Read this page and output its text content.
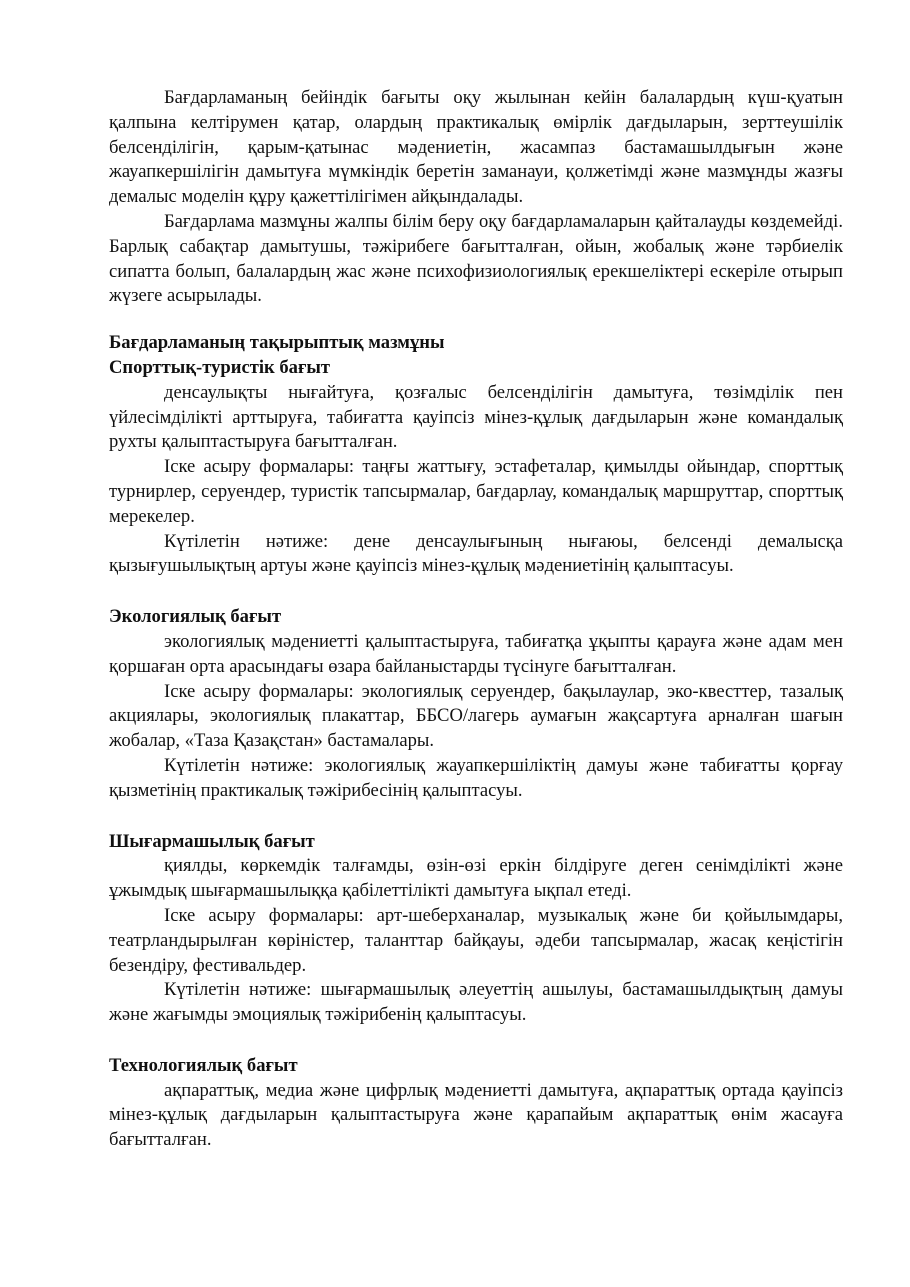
Бағдарламаның бейіндік бағыты оқу жылынан кейін балалардың күш-қуатын қалпына келтірумен қатар, олардың практикалық өмірлік дағдыларын, зерттеушілік белсенділігін, қарым-қатынас мәдениетін, жасампаз бастамашылдығын және жауапкершілігін дамытуға мүмкіндік беретін заманауи, қолжетімді және мазмұнды жазғы демалыс моделін құру қажеттілігімен айқындалады.

Бағдарлама мазмұны жалпы білім беру оқу бағдарламаларын қайталауды көздемейді. Барлық сабақтар дамытушы, тәжірибеге бағытталған, ойын, жобалық және тәрбиелік сипатта болып, балалардың жас және психофизиологиялық ерекшеліктері ескеріле отырып жүзеге асырылады.

Бағдарламаның тақырыптық мазмұны

Спорттық-туристік бағыт

денсаулықты нығайтуға, қозғалыс белсенділігін дамытуға, төзімділік пен үйлесімділікті арттыруға, табиғатта қауіпсіз мінез-құлық дағдыларын және командалық рухты қалыптастыруға бағытталған.

Іске асыру формалары: таңғы жаттығу, эстафеталар, қимылды ойындар, спорттық турнирлер, серуендер, туристік тапсырмалар, бағдарлау, командалық маршруттар, спорттық мерекелер.

Күтілетін нәтиже: дене денсаулығының нығаюы, белсенді демалысқа қызығушылықтың артуы және қауіпсіз мінез-құлық мәдениетінің қалыптасуы.

Экологиялық бағыт

экологиялық мәдениетті қалыптастыруға, табиғатқа ұқыпты қарауға және адам мен қоршаған орта арасындағы өзара байланыстарды түсінуге бағытталған.

Іске асыру формалары: экологиялық серуендер, бақылаулар, эко-квесттер, тазалық акциялары, экологиялық плакаттар, ББСО/лагерь аумағын жақсартуға арналған шағын жобалар, «Таза Қазақстан» бастамалары.

Күтілетін нәтиже: экологиялық жауапкершіліктің дамуы және табиғатты қорғау қызметінің практикалық тәжірибесінің қалыптасуы.

Шығармашылық бағыт

қиялды, көркемдік талғамды, өзін-өзі еркін білдіруге деген сенімділікті және ұжымдық шығармашылыққа қабілеттілікті дамытуға ықпал етеді.

Іске асыру формалары: арт-шеберханалар, музыкалық және би қойылымдары, театрландырылған көріністер, таланттар байқауы, әдеби тапсырмалар, жасақ кеңістігін безендіру, фестивальдер.

Күтілетін нәтиже: шығармашылық әлеуеттің ашылуы, бастамашылдықтың дамуы және жағымды эмоциялық тәжірибенің қалыптасуы.

Технологиялық бағыт

ақпараттық, медиа және цифрлық мәдениетті дамытуға, ақпараттық ортада қауіпсіз мінез-құлық дағдыларын қалыптастыруға және қарапайым ақпараттық өнім жасауға бағытталған.
